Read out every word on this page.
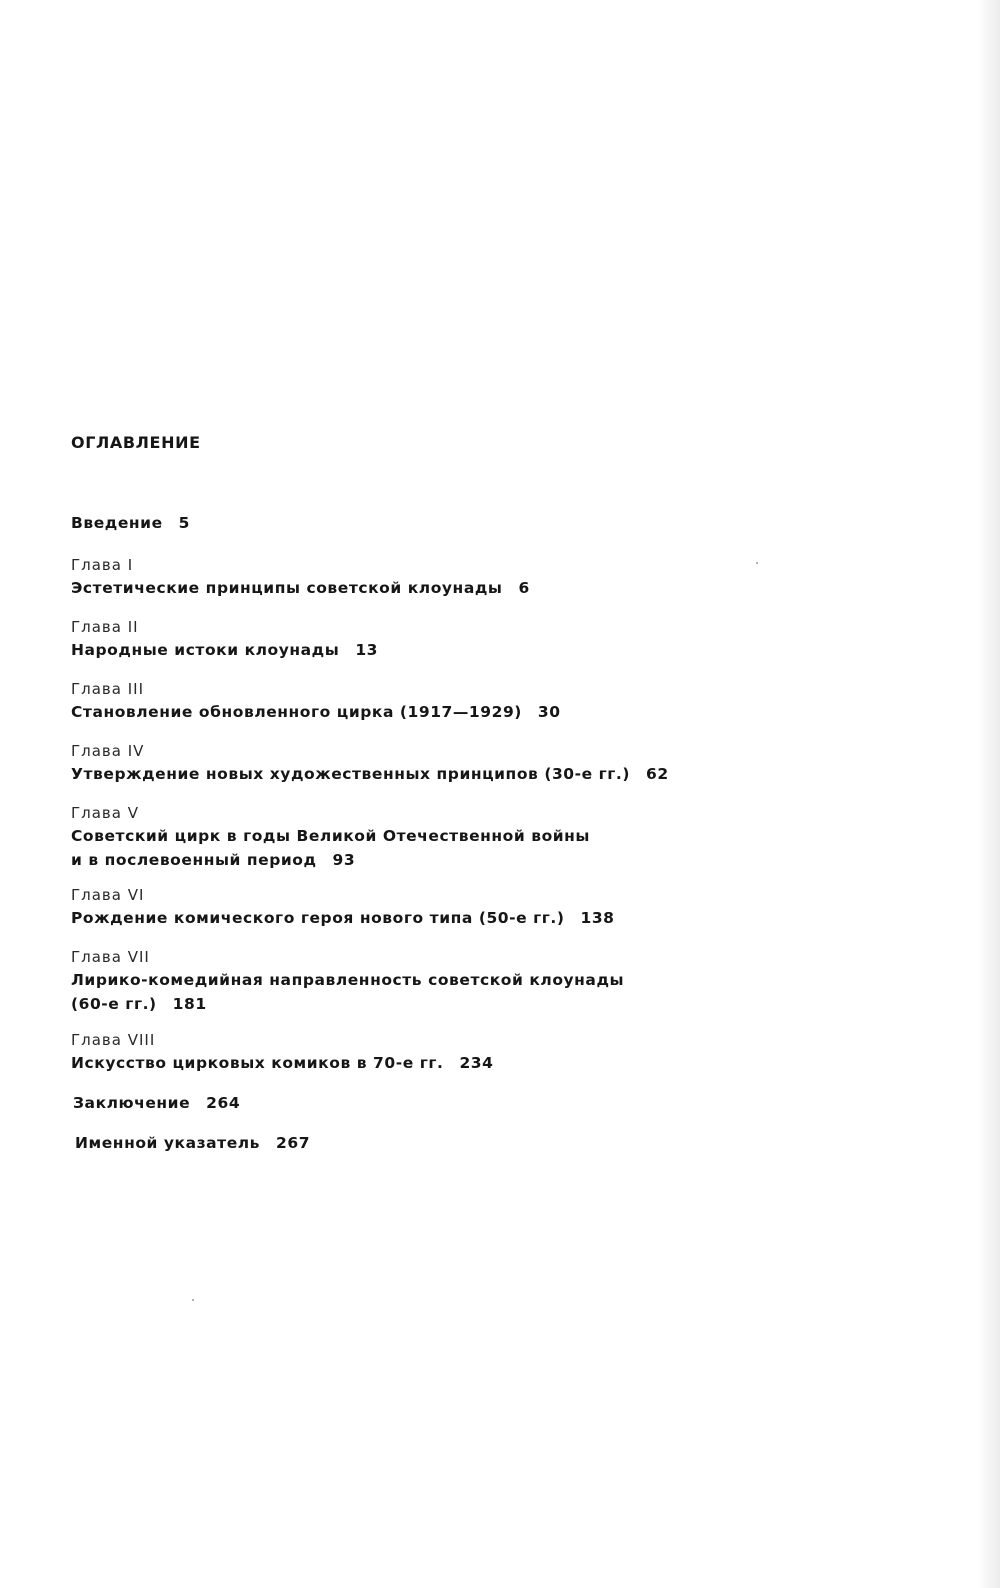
ОГЛАВЛЕНИЕ
Введение 5
Глава I
Эстетические принципы советской клоунады 6
Глава II
Народные истоки клоунады 13
Глава III
Становление обновленного цирка (1917—1929) 30
Глава IV
Утверждение новых художественных принципов (30-е гг.) 62
Глава V
Советский цирк в годы Великой Отечественной войны
и в послевоенный период 93
Глава VI
Рождение комического героя нового типа (50-е гг.) 138
Глава VII
Лирико-комедийная направленность советской клоунады
(60-е гг.) 181
Глава VIII
Искусство цирковых комиков в 70-е гг. 234
Заключение 264
Именной указатель 267
